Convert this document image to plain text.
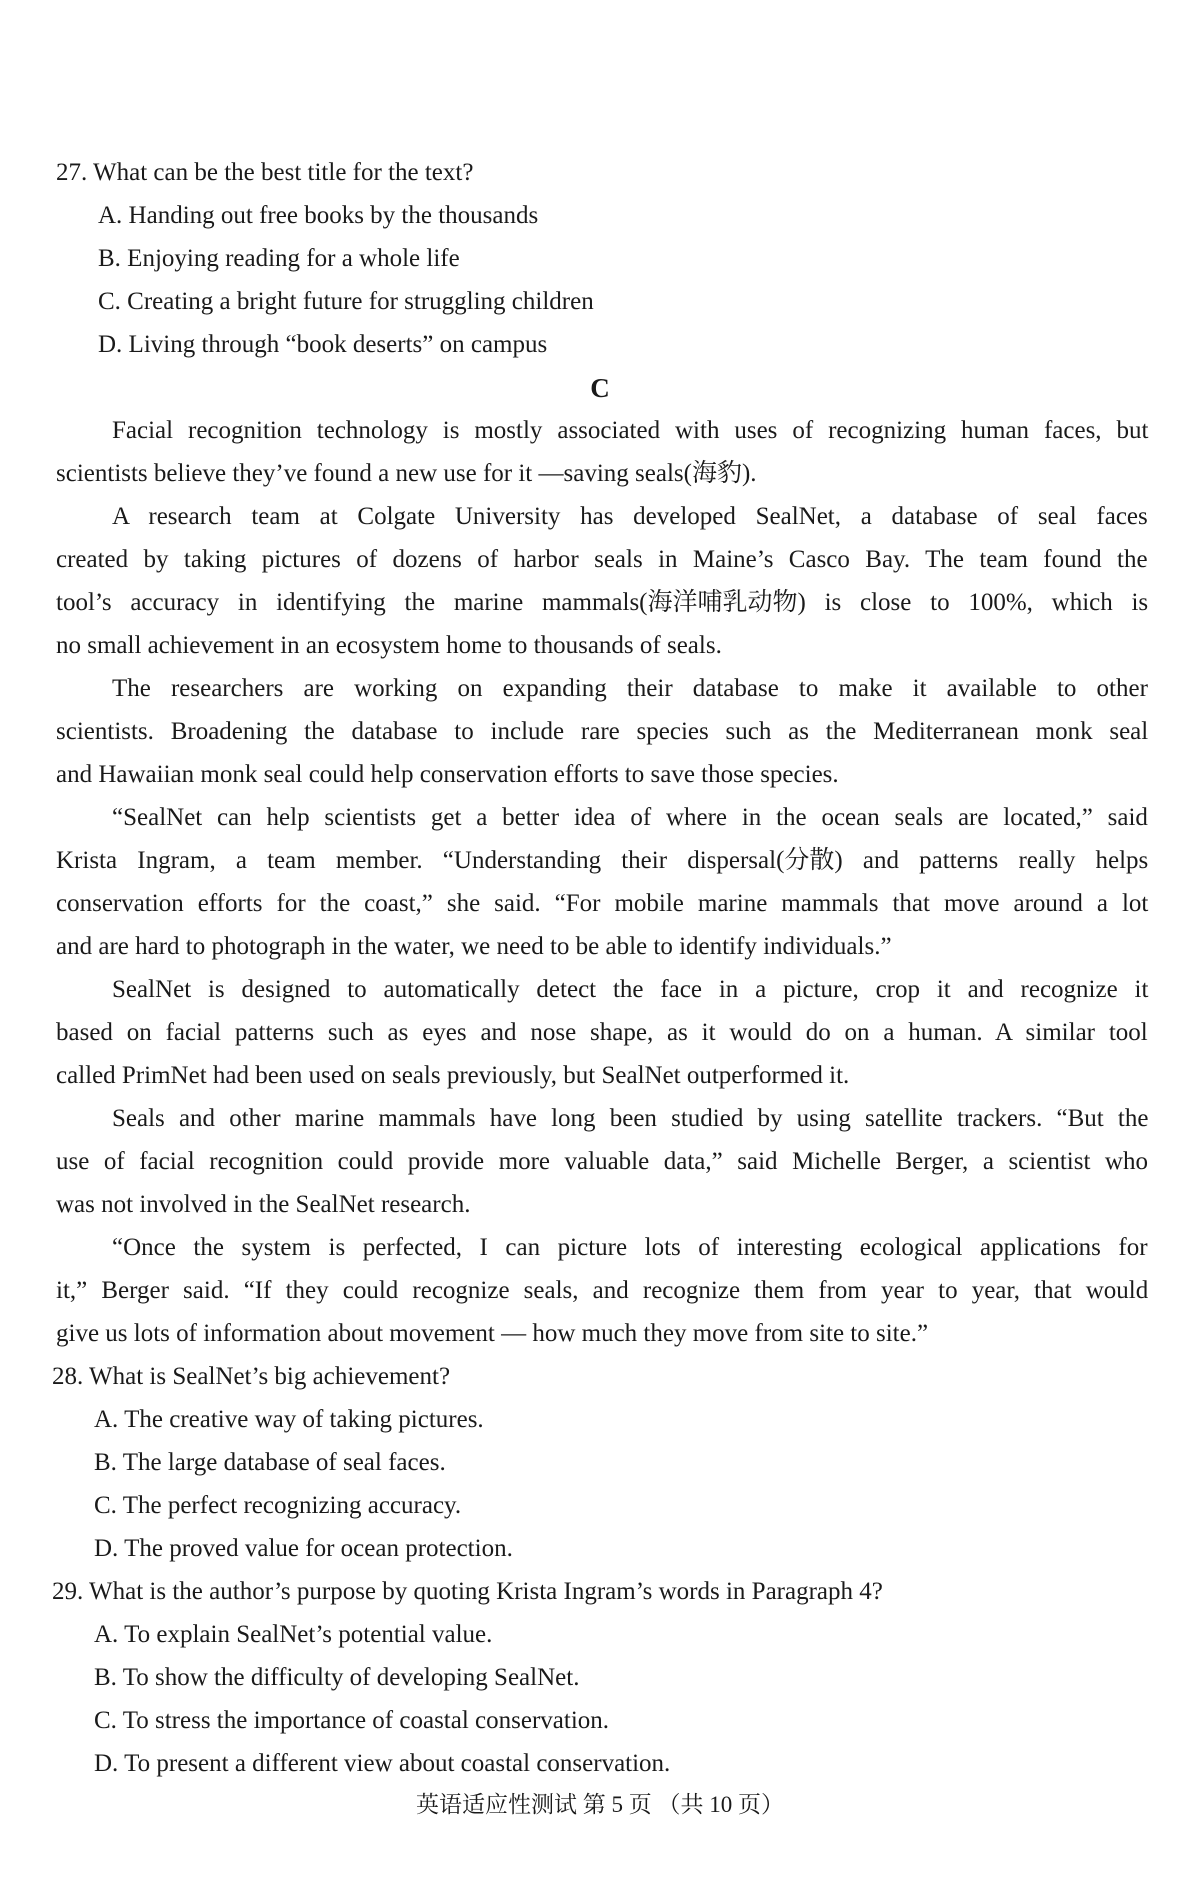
27. What can be the best title for the text?
A. Handing out free books by the thousands
B. Enjoying reading for a whole life
C. Creating a bright future for struggling children
D. Living through “book deserts” on campus
C
Facial recognition technology is mostly associated with uses of recognizing human faces, but
scientists believe they’ve found a new use for it —saving seals(海豹).
A research team at Colgate University has developed SealNet, a database of seal faces
created by taking pictures of dozens of harbor seals in Maine’s Casco Bay. The team found the
tool’s accuracy in identifying the marine mammals(海洋哺乳动物) is close to 100%, which is
no small achievement in an ecosystem home to thousands of seals.
The researchers are working on expanding their database to make it available to other
scientists. Broadening the database to include rare species such as the Mediterranean monk seal
and Hawaiian monk seal could help conservation efforts to save those species.
“SealNet can help scientists get a better idea of where in the ocean seals are located,” said
Krista Ingram, a team member. “Understanding their dispersal(分散) and patterns really helps
conservation efforts for the coast,” she said. “For mobile marine mammals that move around a lot
and are hard to photograph in the water, we need to be able to identify individuals.”
SealNet is designed to automatically detect the face in a picture, crop it and recognize it
based on facial patterns such as eyes and nose shape, as it would do on a human. A similar tool
called PrimNet had been used on seals previously, but SealNet outperformed it.
Seals and other marine mammals have long been studied by using satellite trackers. “But the
use of facial recognition could provide more valuable data,” said Michelle Berger, a scientist who
was not involved in the SealNet research.
“Once the system is perfected, I can picture lots of interesting ecological applications for
it,” Berger said. “If they could recognize seals, and recognize them from year to year, that would
give us lots of information about movement — how much they move from site to site.”
28. What is SealNet’s big achievement?
A. The creative way of taking pictures.
B. The large database of seal faces.
C. The perfect recognizing accuracy.
D. The proved value for ocean protection.
29. What is the author’s purpose by quoting Krista Ingram’s words in Paragraph 4?
A. To explain SealNet’s potential value.
B. To show the difficulty of developing SealNet.
C. To stress the importance of coastal conservation.
D. To present a different view about coastal conservation.
英语适应性测试 第 5 页 （共 10 页）
